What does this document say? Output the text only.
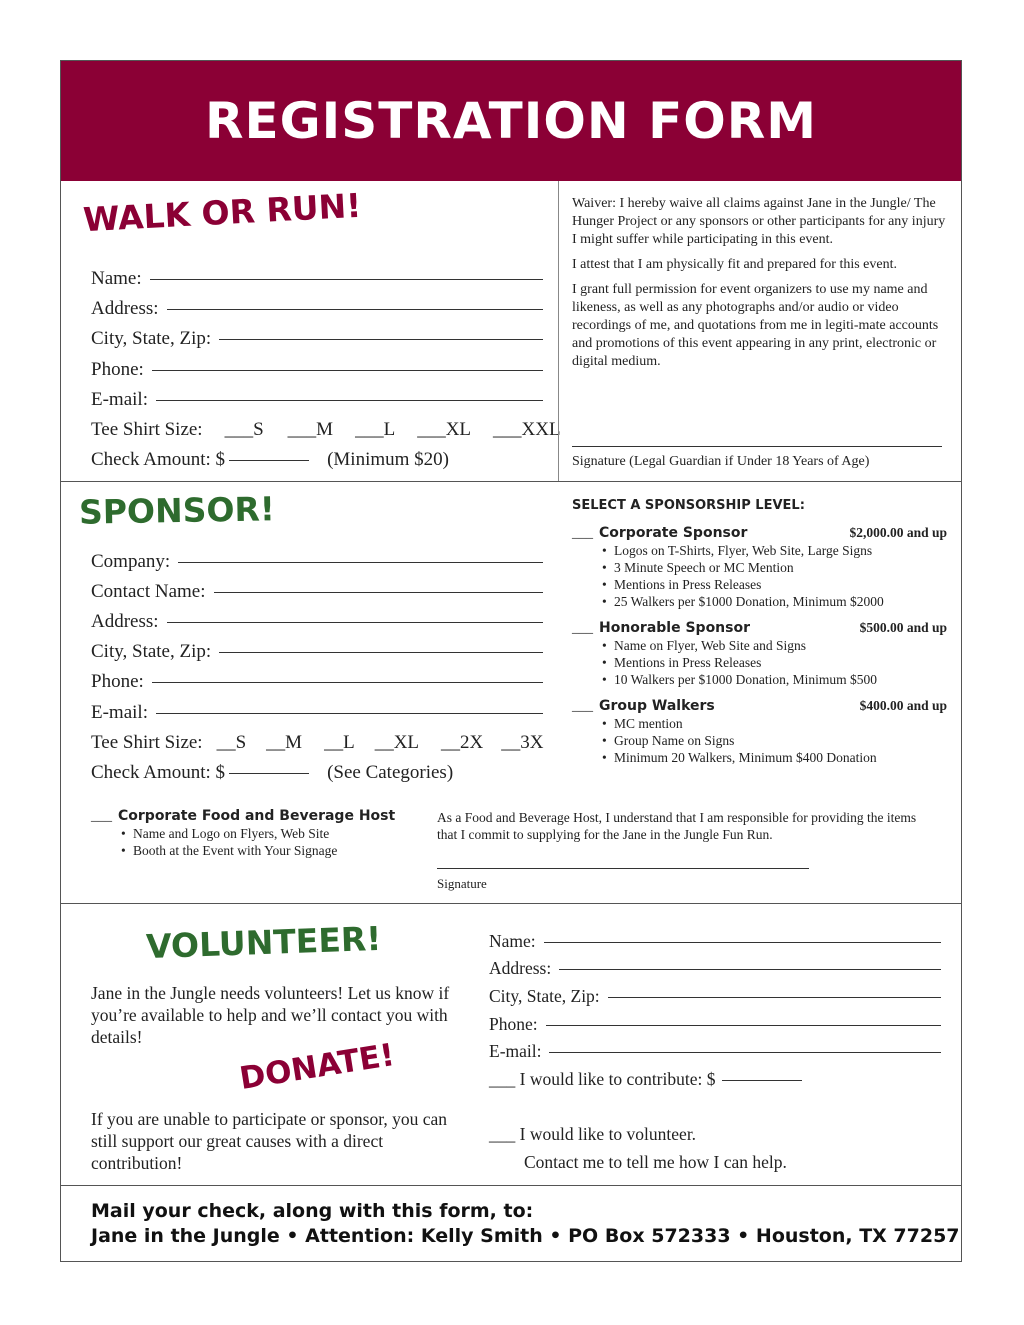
REGISTRATION FORM
WALK OR RUN!
Name:
Address:
City, State, Zip:
Phone:
E-mail:
Tee Shirt Size: ___S ___M ___L ___XL ___XXL
Check Amount: $	(Minimum $20)

Waiver: I hereby waive all claims against Jane in the Jungle/ The Hunger Project or any sponsors or other participants for any injury I might suffer while participating in this event.

I attest that I am physically fit and prepared for this event.

I grant full permission for event organizers to use my name and likeness, as well as any photographs and/or audio or video recordings of me, and quotations from me in legiti-mate accounts and promotions of this event appearing in any print, electronic or digital medium.

Signature (Legal Guardian if Under 18 Years of Age)
SPONSOR!
Company:
Contact Name:
Address:
City, State, Zip:
Phone:
E-mail:
Tee Shirt Size: __S __M __L __XL __2X __3X
Check Amount: $	(See Categories)
SELECT A SPONSORSHIP LEVEL:
___ Corporate Sponsor	$2,000.00 and up
• Logos on T-Shirts, Flyer, Web Site, Large Signs
• 3 Minute Speech or MC Mention
• Mentions in Press Releases
• 25 Walkers per $1000 Donation, Minimum $2000
___ Honorable Sponsor	$500.00 and up
• Name on Flyer, Web Site and Signs
• Mentions in Press Releases
• 10 Walkers per $1000 Donation, Minimum $500
___ Group Walkers	$400.00 and up
• MC mention
• Group Name on Signs
• Minimum 20 Walkers, Minimum $400 Donation
___ Corporate Food and Beverage Host
• Name and Logo on Flyers, Web Site
• Booth at the Event with Your Signage
As a Food and Beverage Host, I understand that I am responsible for providing the items that I commit to supplying for the Jane in the Jungle Fun Run.
Signature
VOLUNTEER!
Jane in the Jungle needs volunteers! Let us know if you’re available to help and we’ll contact you with details!
DONATE!
If you are unable to participate or sponsor, you can still support our great causes with a direct contribution!
Name:
Address:
City, State, Zip:
Phone:
E-mail:
___ I would like to contribute: $
___ I would like to volunteer.
Contact me to tell me how I can help.
Mail your check, along with this form, to:
Jane in the Jungle • Attention: Kelly Smith • PO Box 572333 • Houston, TX 77257
